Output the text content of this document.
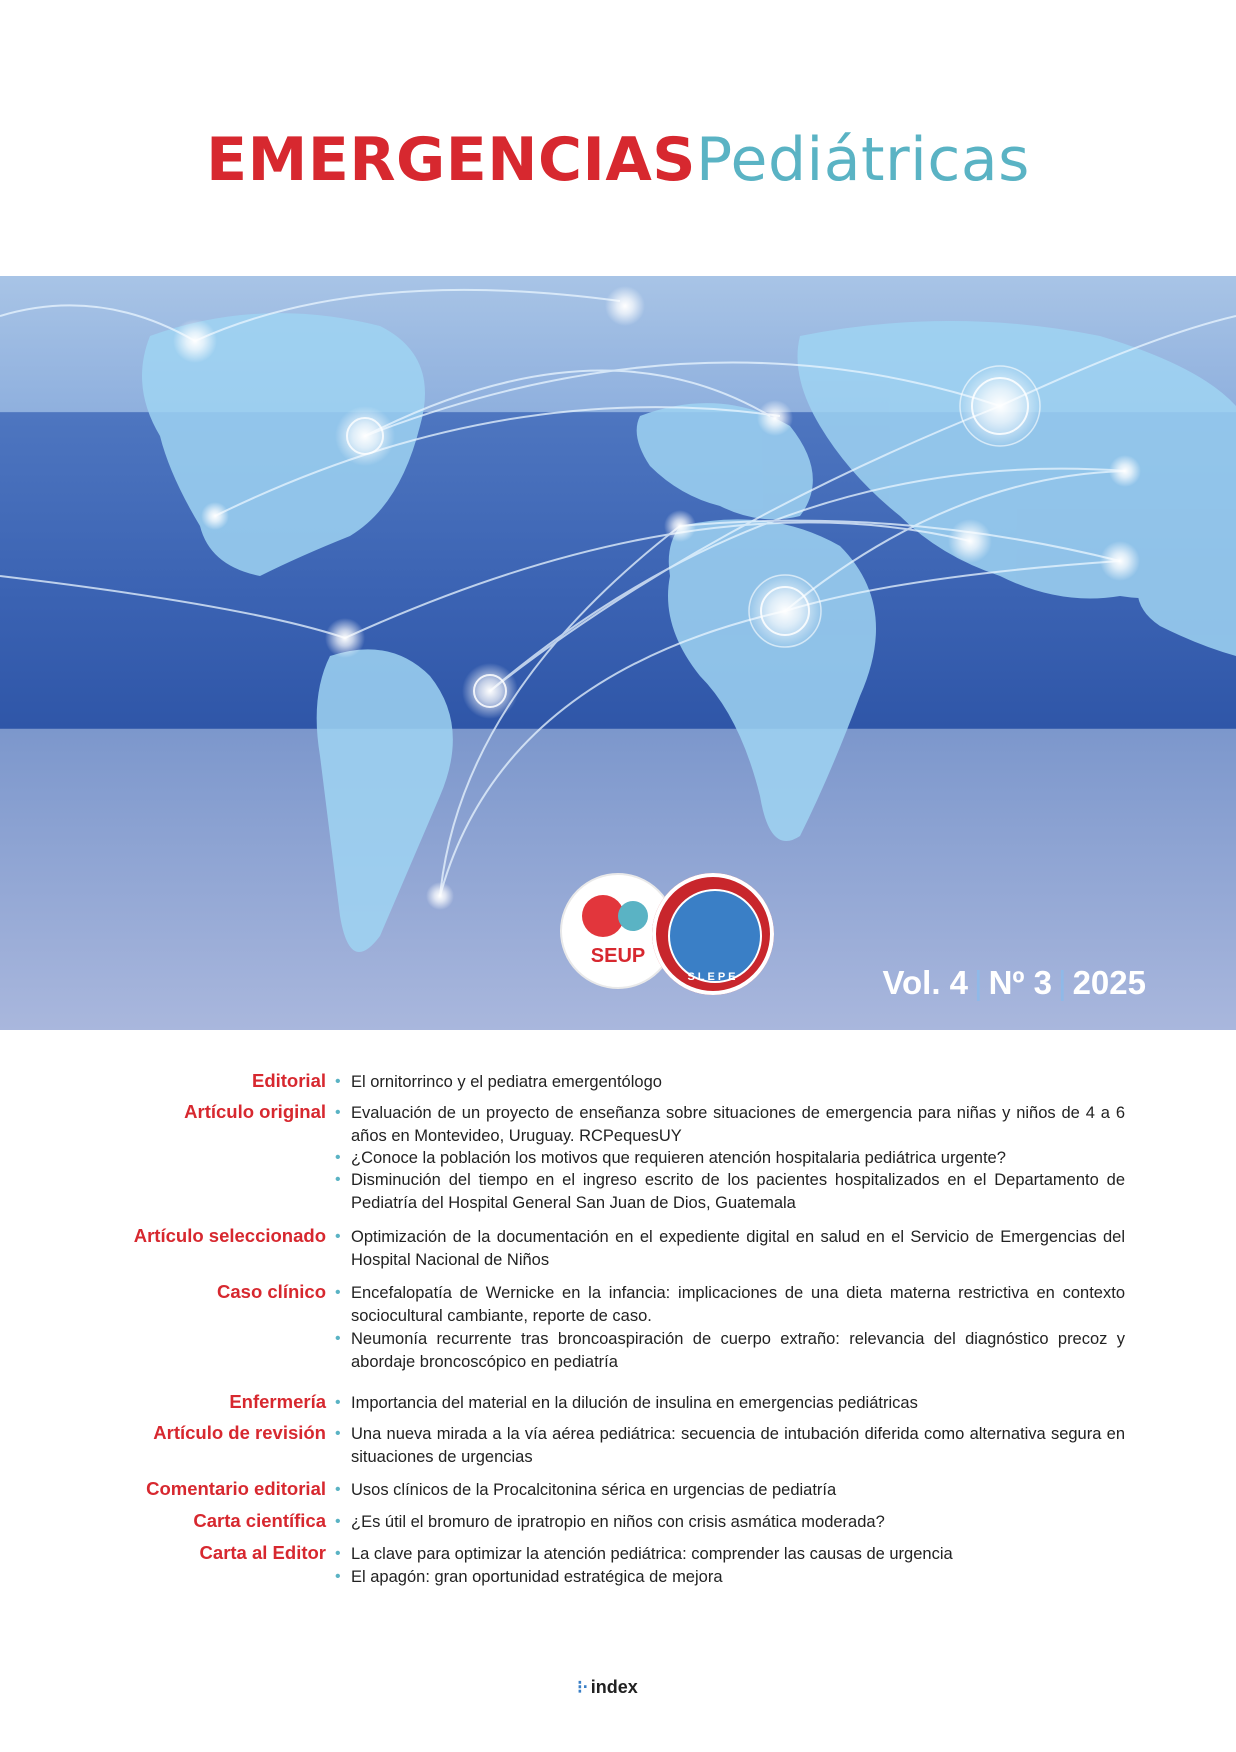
EMERGENCIASPediátricas
SEUP
SLEPE	Vol. 4 | Nº 3 | 2025
Editorial • El ornitorrinco y el pediatra emergentólogo
Artículo original • Evaluación de un proyecto de enseñanza sobre situaciones de emergencia para niñas y niños de 4 a 6 años en Montevideo, Uruguay. RCPequesUY
• ¿Conoce la población los motivos que requieren atención hospitalaria pediátrica urgente?
• Disminución del tiempo en el ingreso escrito de los pacientes hospitalizados en el Departamento de Pediatría del Hospital General San Juan de Dios, Guatemala
Artículo seleccionado • Optimización de la documentación en el expediente digital en salud en el Servicio de Emergencias del Hospital Nacional de Niños
Caso clínico • Encefalopatía de Wernicke en la infancia: implicaciones de una dieta materna restrictiva en contexto sociocultural cambiante, reporte de caso.
• Neumonía recurrente tras broncoaspiración de cuerpo extraño: relevancia del diagnóstico precoz y abordaje broncoscópico en pediatría
Enfermería • Importancia del material en la dilución de insulina en emergencias pediátricas
Artículo de revisión • Una nueva mirada a la vía aérea pediátrica: secuencia de intubación diferida como alternativa segura en situaciones de urgencias
Comentario editorial • Usos clínicos de la Procalcitonina sérica en urgencias de pediatría
Carta científica • ¿Es útil el bromuro de ipratropio en niños con crisis asmática moderada?
Carta al Editor • La clave para optimizar la atención pediátrica: comprender las causas de urgencia
• El apagón: gran oportunidad estratégica de mejora
⁝· index
